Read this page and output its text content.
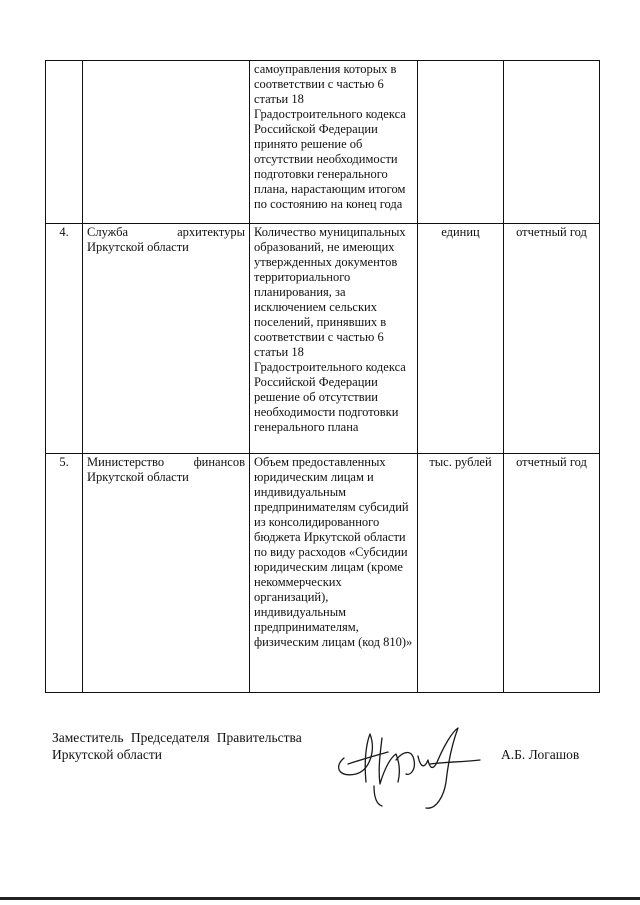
		самоуправления которых в соответствии с частью 6 статьи 18 Градостроительного кодекса Российской Федерации принято решение об отсутствии необходимости подготовки генерального плана, нарастающим итогом по состоянию на конец года		
4.	Служба архитектуры Иркутской области	Количество муниципальных образований, не имеющих утвержденных документов территориального планирования, за исключением сельских поселений, принявших в соответствии с частью 6 статьи 18 Градостроительного кодекса Российской Федерации решение об отсутствии необходимости подготовки генерального плана	единиц	отчетный год
5.	Министерство финансов Иркутской области	Объем предоставленных юридическим лицам и индивидуальным предпринимателям субсидий из консолидированного бюджета Иркутской области по виду расходов «Субсидии юридическим лицам (кроме некоммерческих организаций), индивидуальным предпринимателям, физическим лицам (код 810)»	тыс. рублей	отчетный год
Заместитель Председателя Правительства
Иркутской области	А.Б. Логашов
